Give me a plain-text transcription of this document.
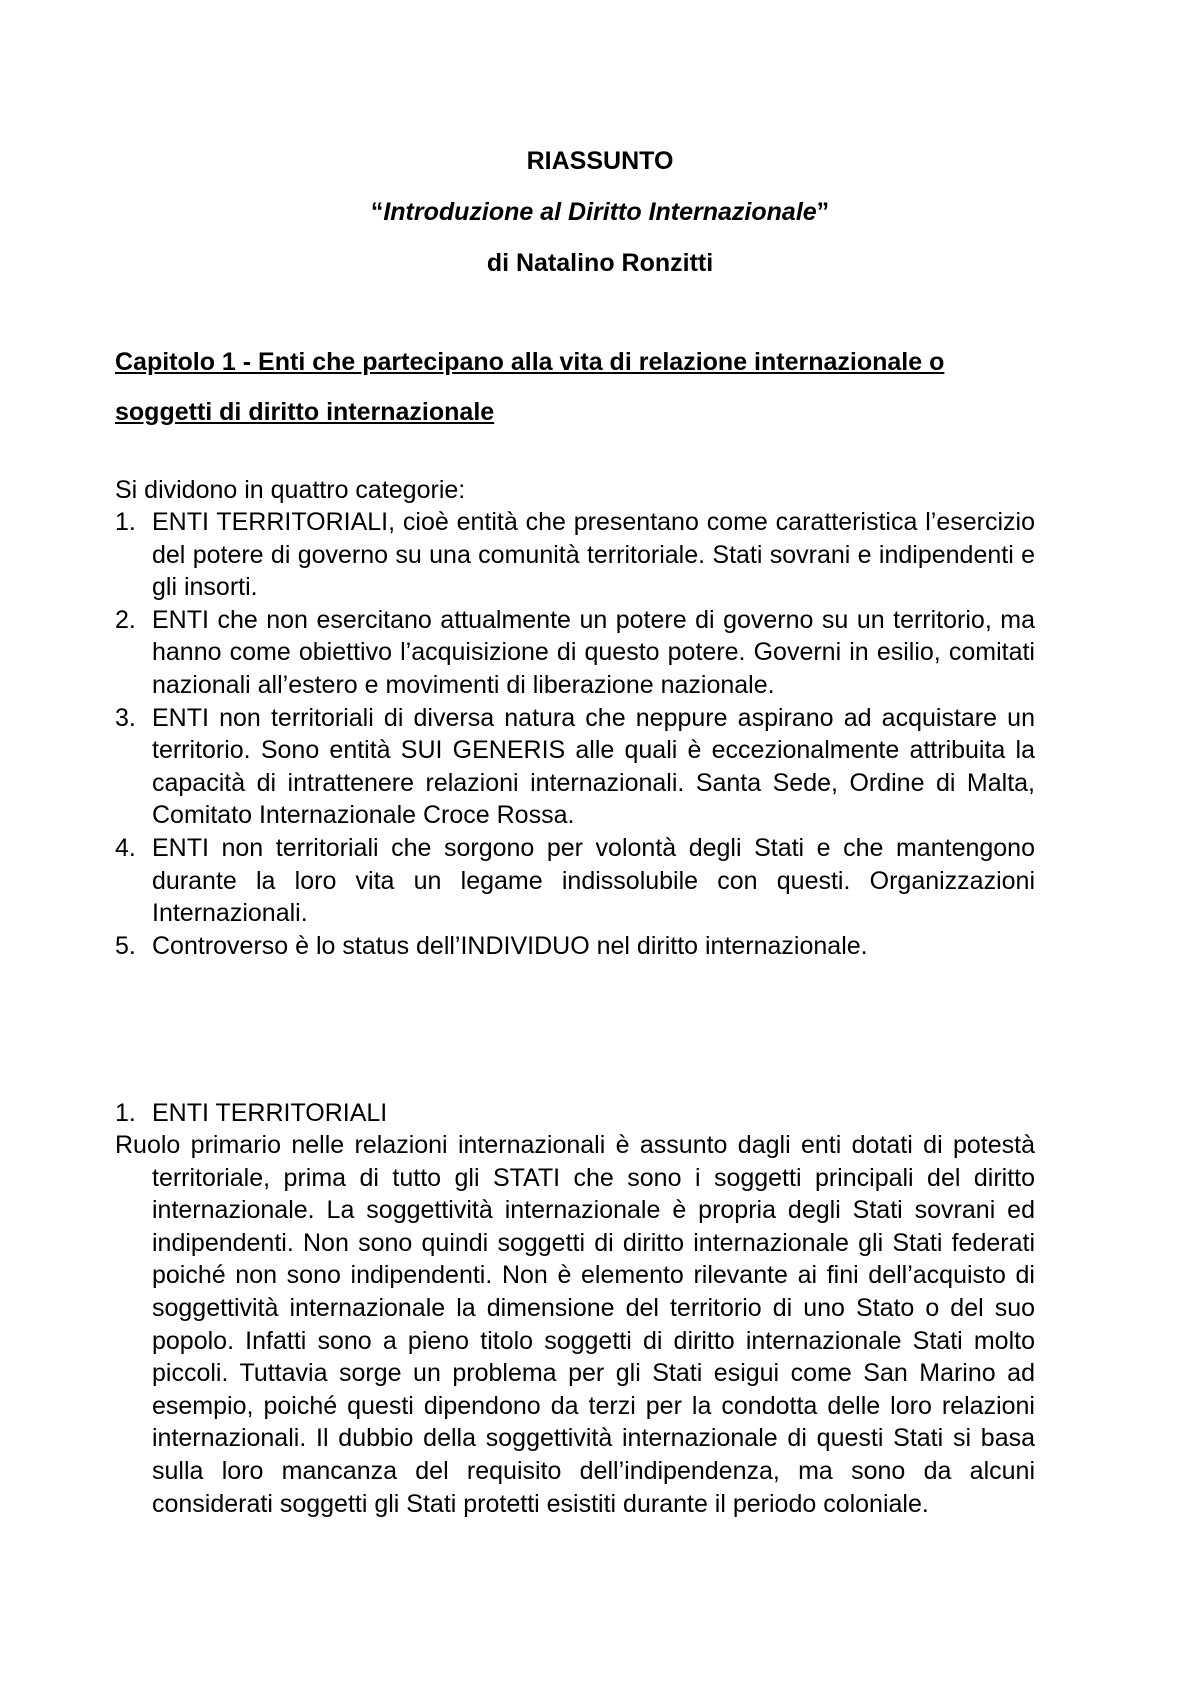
RIASSUNTO
“Introduzione al Diritto Internazionale”
di Natalino Ronzitti
Capitolo 1 - Enti che partecipano alla vita di relazione internazionale o soggetti di diritto internazionale
Si dividono in quattro categorie:
1. ENTI TERRITORIALI, cioè entità che presentano come caratteristica l’esercizio del potere di governo su una comunità territoriale. Stati sovrani e indipendenti e gli insorti.
2. ENTI che non esercitano attualmente un potere di governo su un territorio, ma hanno come obiettivo l’acquisizione di questo potere. Governi in esilio, comitati nazionali all’estero e movimenti di liberazione nazionale.
3. ENTI non territoriali di diversa natura che neppure aspirano ad acquistare un territorio. Sono entità SUI GENERIS alle quali è eccezionalmente attribuita la capacità di intrattenere relazioni internazionali. Santa Sede, Ordine di Malta, Comitato Internazionale Croce Rossa.
4. ENTI non territoriali che sorgono per volontà degli Stati e che mantengono durante la loro vita un legame indissolubile con questi. Organizzazioni Internazionali.
5. Controverso è lo status dell’INDIVIDUO nel diritto internazionale.
1. ENTI TERRITORIALI
Ruolo primario nelle relazioni internazionali è assunto dagli enti dotati di potestà territoriale, prima di tutto gli STATI che sono i soggetti principali del diritto internazionale. La soggettività internazionale è propria degli Stati sovrani ed indipendenti. Non sono quindi soggetti di diritto internazionale gli Stati federati poiché non sono indipendenti. Non è elemento rilevante ai fini dell’acquisto di soggettività internazionale la dimensione del territorio di uno Stato o del suo popolo. Infatti sono a pieno titolo soggetti di diritto internazionale Stati molto piccoli. Tuttavia sorge un problema per gli Stati esigui come San Marino ad esempio, poiché questi dipendono da terzi per la condotta delle loro relazioni internazionali. Il dubbio della soggettività internazionale di questi Stati si basa sulla loro mancanza del requisito dell’indipendenza, ma sono da alcuni considerati soggetti gli Stati protetti esistiti durante il periodo coloniale.
